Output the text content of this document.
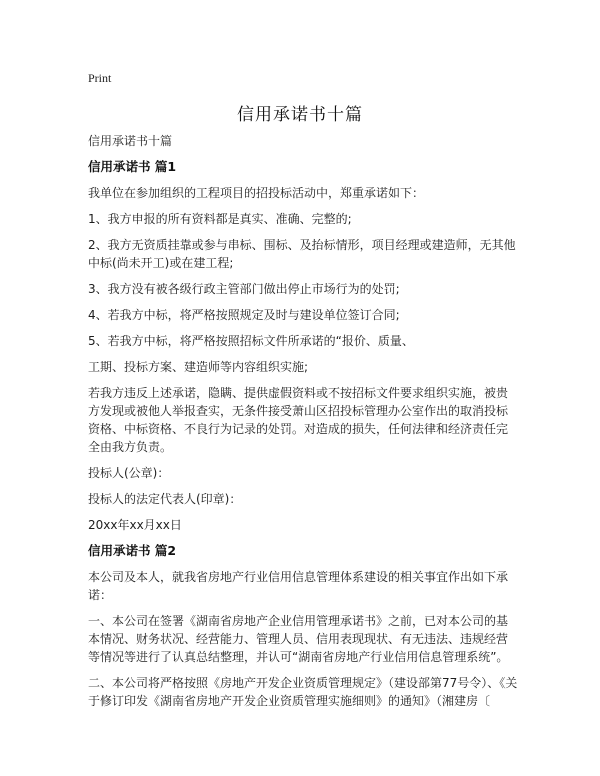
Print
信用承诺书十篇

信用承诺书十篇

信用承诺书 篇1

我单位在参加组织的工程项目的招投标活动中，郑重承诺如下：

1、我方申报的所有资料都是真实、准确、完整的;

2、我方无资质挂靠或参与串标、围标、及抬标情形，项目经理或建造师，无其他中标(尚未开工)或在建工程;

3、我方没有被各级行政主管部门做出停止市场行为的处罚;

4、若我方中标，将严格按照规定及时与建设单位签订合同;

5、若我方中标，将严格按照招标文件所承诺的“报价、质量、

工期、投标方案、建造师等内容组织实施;

若我方违反上述承诺，隐瞒、提供虚假资料或不按招标文件要求组织实施，被贵方发现或被他人举报查实，无条件接受萧山区招投标管理办公室作出的取消投标资格、中标资格、不良行为记录的处罚。对造成的损失，任何法律和经济责任完全由我方负责。

投标人(公章)：

投标人的法定代表人(印章)：

20xx年xx月xx日

信用承诺书 篇2

本公司及本人，就我省房地产行业信用信息管理体系建设的相关事宜作出如下承诺：

一、本公司在签署《湖南省房地产企业信用管理承诺书》之前，已对本公司的基本情况、财务状况、经营能力、管理人员、信用表现现状、有无违法、违规经营等情况等进行了认真总结整理，并认可“湖南省房地产行业信用信息管理系统”。

二、本公司将严格按照《房地产开发企业资质管理规定》（建设部第77号令）、《关于修订印发《湖南省房地产开发企业资质管理实施细则》的通知》（湘建房〔
